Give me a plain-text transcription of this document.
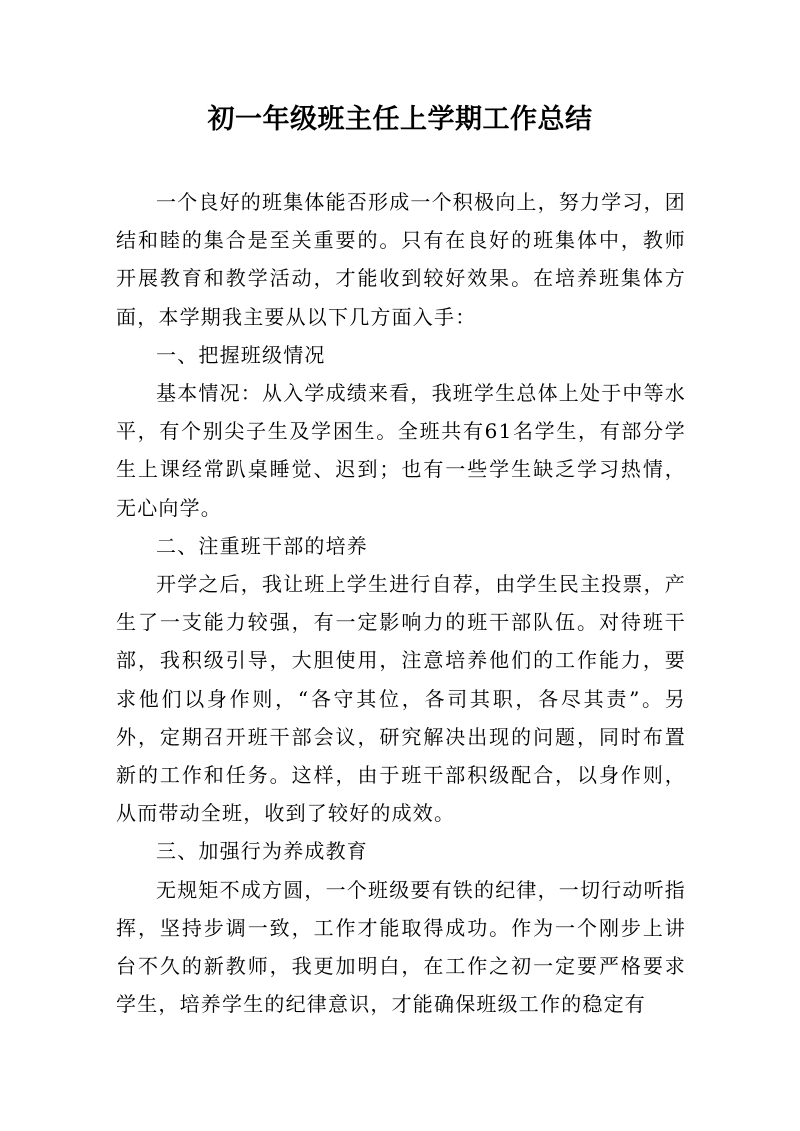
初一年级班主任上学期工作总结

一个良好的班集体能否形成一个积极向上，努力学习，团结和睦的集合是至关重要的。只有在良好的班集体中，教师开展教育和教学活动，才能收到较好效果。在培养班集体方面，本学期我主要从以下几方面入手：

一、把握班级情况

基本情况：从入学成绩来看，我班学生总体上处于中等水平，有个别尖子生及学困生。全班共有61名学生，有部分学生上课经常趴桌睡觉、迟到；也有一些学生缺乏学习热情，无心向学。

二、注重班干部的培养

开学之后，我让班上学生进行自荐，由学生民主投票，产生了一支能力较强，有一定影响力的班干部队伍。对待班干部，我积级引导，大胆使用，注意培养他们的工作能力，要求他们以身作则，“各守其位，各司其职，各尽其责”。另外，定期召开班干部会议，研究解决出现的问题，同时布置新的工作和任务。这样，由于班干部积级配合，以身作则，从而带动全班，收到了较好的成效。

三、加强行为养成教育

无规矩不成方圆，一个班级要有铁的纪律，一切行动听指挥，坚持步调一致，工作才能取得成功。作为一个刚步上讲台不久的新教师，我更加明白，在工作之初一定要严格要求学生，培养学生的纪律意识，才能确保班级工作的稳定有
